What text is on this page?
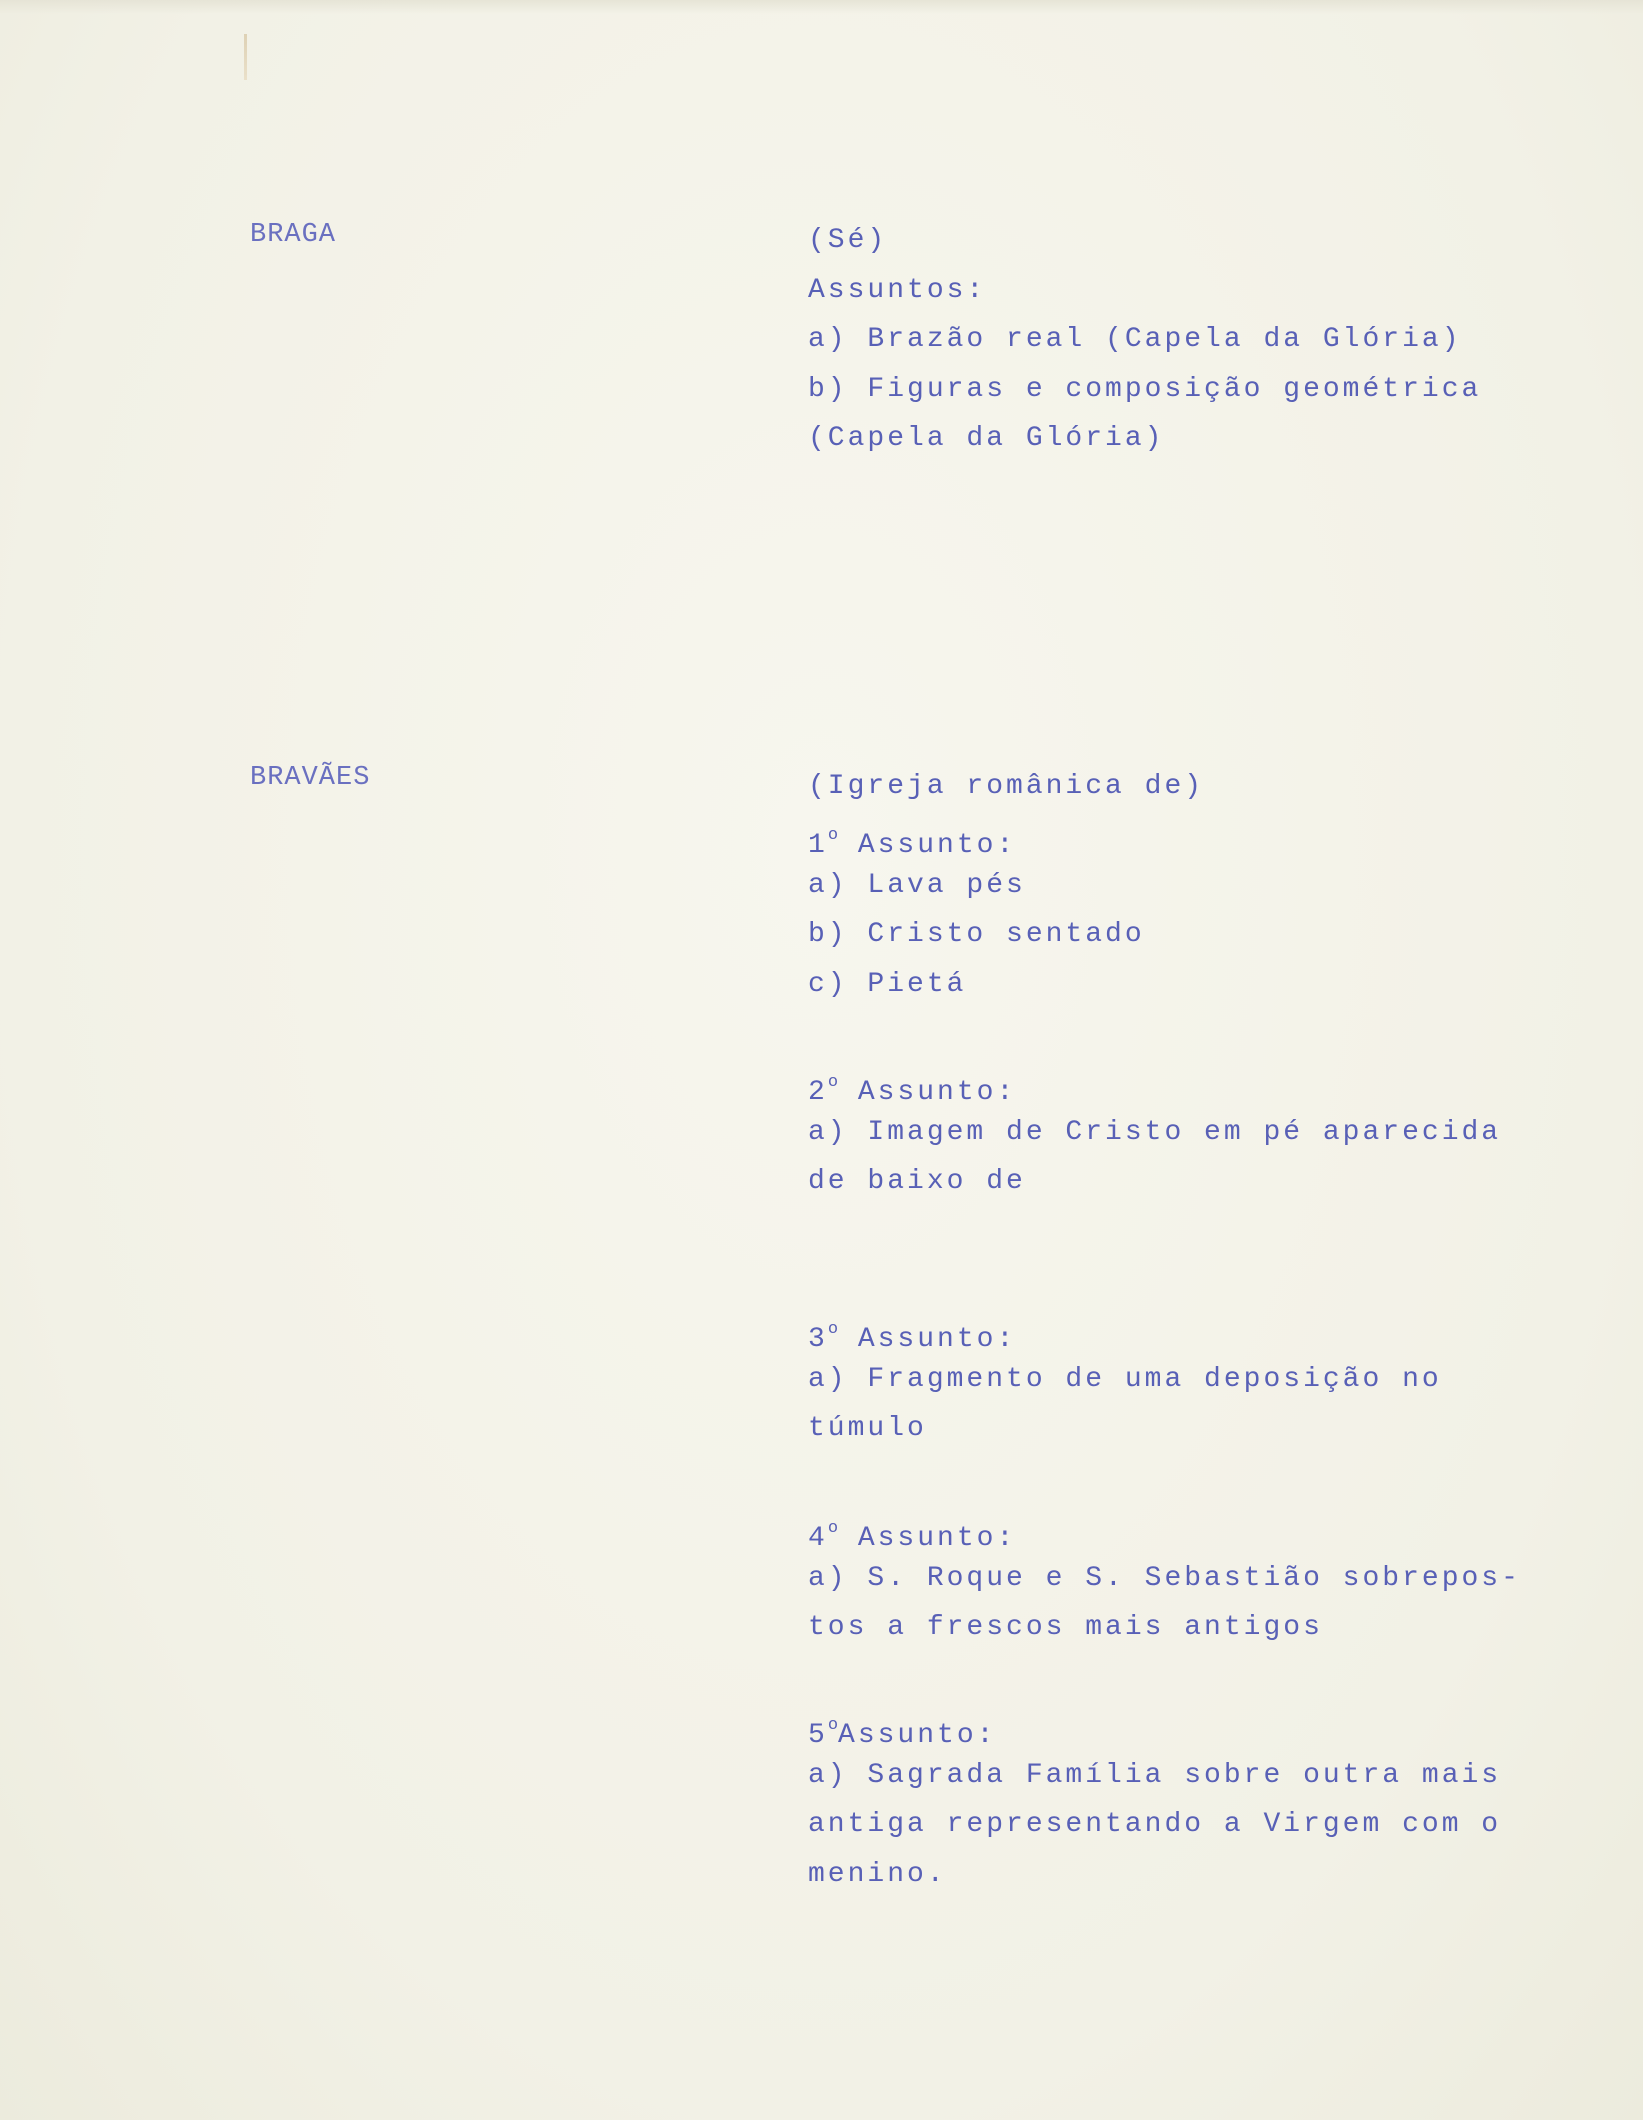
BRAGA	(Sé)
Assuntos:
a) Brazão real (Capela da Glória)
b) Figuras e composição geométrica
(Capela da Glória)
BRAVÃES	(Igreja românica de)
1$^o$ Assunto:
a) Lava pés
b) Cristo sentado
c) Pietá
2$^o$ Assunto:
a) Imagem de Cristo em pé aparecida
de baixo de
3$^o$ Assunto:
a) Fragmento de uma deposição no
túmulo
4$^o$ Assunto:
a) S. Roque e S. Sebastião sobrepos-
tos a frescos mais antigos
5$^o$Assunto:
a) Sagrada Família sobre outra mais
antiga representando a Virgem com o
menino.
